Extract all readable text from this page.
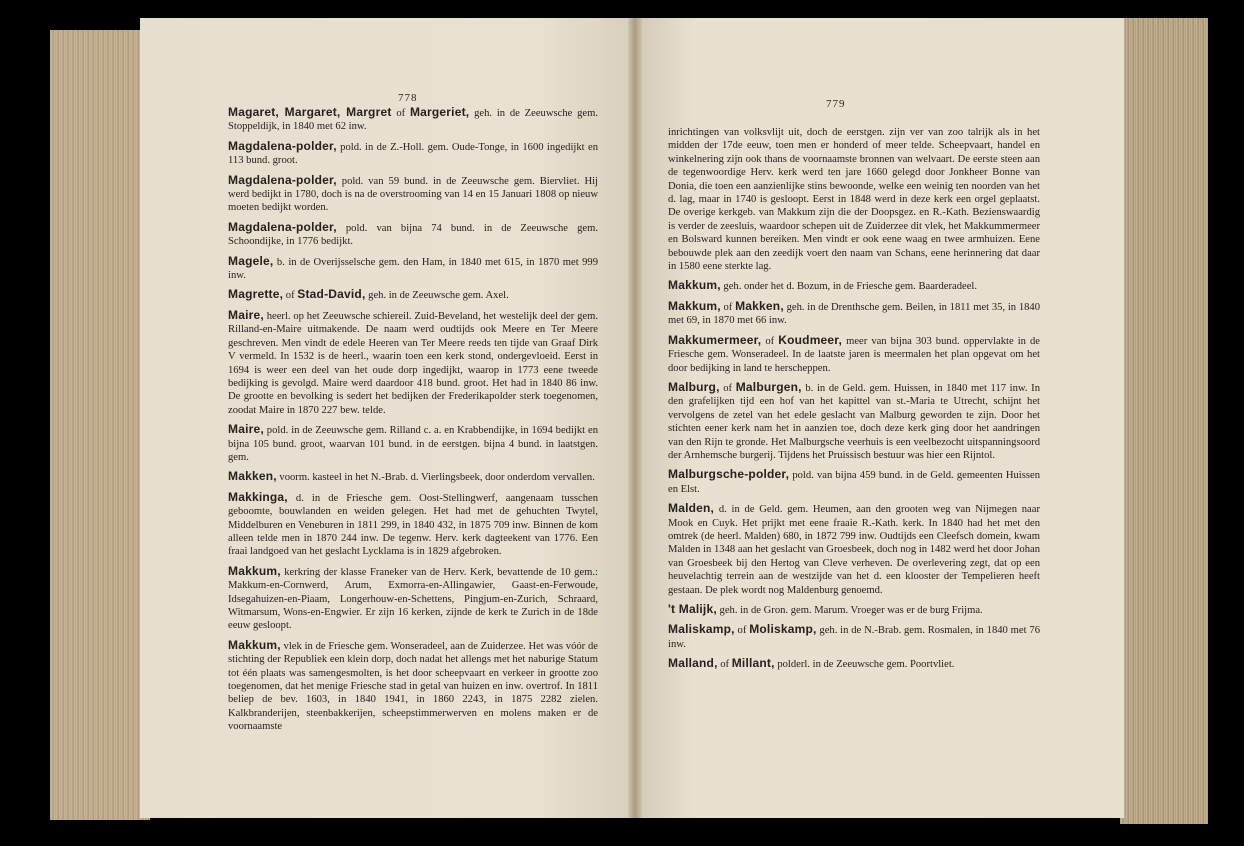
778

Magaret, Margaret, Margret of Margeriet, geh. in de Zeeuwsche gem. Stoppeldijk, in 1840 met 62 inw.

Magdalena-polder, pold. in de Z.-Holl. gem. Oude-Tonge, in 1600 ingedijkt en 113 bund. groot.

Magdalena-polder, pold. van 59 bund. in de Zeeuwsche gem. Biervliet. Hij werd bedijkt in 1780, doch is na de overstrooming van 14 en 15 Januari 1808 op nieuw moeten bedijkt worden.

Magdalena-polder, pold. van bijna 74 bund. in de Zeeuwsche gem. Schoondijke, in 1776 bedijkt.

Magele, b. in de Overijsselsche gem. den Ham, in 1840 met 615, in 1870 met 999 inw.

Magrette, of Stad-David, geh. in de Zeeuwsche gem. Axel.

Maire, heerl. op het Zeeuwsche schiereil. Zuid-Beveland, het westelijk deel der gem. Rilland-en-Maire uitmakende. De naam werd oudtijds ook Meere en Ter Meere geschreven. Men vindt de edele Heeren van Ter Meere reeds ten tijde van Graaf Dirk V vermeld. In 1532 is de heerl., waarin toen een kerk stond, ondergevloeid. Eerst in 1694 is weer een deel van het oude dorp ingedijkt, waarop in 1773 eene tweede bedijking is gevolgd. Maire werd daardoor 418 bund. groot. Het had in 1840 86 inw. De grootte en bevolking is sedert het bedijken der Frederikapolder sterk toegenomen, zoodat Maire in 1870 227 bew. telde.

Maire, pold. in de Zeeuwsche gem. Rilland c. a. en Krabbendijke, in 1694 bedijkt en bijna 105 bund. groot, waarvan 101 bund. in de eerstgen. bijna 4 bund. in laatstgen. gem.

Makken, voorm. kasteel in het N.-Brab. d. Vierlingsbeek, door onderdom vervallen.

Makkinga, d. in de Friesche gem. Oost-Stellingwerf, aangenaam tusschen geboomte, bouwlanden en weiden gelegen. Het had met de gehuchten Twytel, Middelburen en Veneburen in 1811 299, in 1840 432, in 1875 709 inw. Binnen de kom alleen telde men in 1870 244 inw. De tegenw. Herv. kerk dagteekent van 1776. Een fraai landgoed van het geslacht Lycklama is in 1829 afgebroken.

Makkum, kerkring der klasse Franeker van de Herv. Kerk, bevattende de 10 gem.: Makkum-en-Cornwerd, Arum, Exmorra-en-Allingawier, Gaast-en-Ferwoude, Idsegahuizen-en-Piaam, Longerhouw-en-Schettens, Pingjum-en-Zurich, Schraard, Witmarsum, Wons-en-Engwier. Er zijn 16 kerken, zijnde de kerk te Zurich in de 18de eeuw gesloopt.

Makkum, vlek in de Friesche gem. Wonseradeel, aan de Zuiderzee. Het was vóór de stichting der Republiek een klein dorp, doch nadat het allengs met het naburige Statum tot één plaats was samengesmolten, is het door scheepvaart en verkeer in grootte zoo toegenomen, dat het menige Friesche stad in getal van huizen en inw. overtrof. In 1811 beliep de bev. 1603, in 1840 1941, in 1860 2243, in 1875 2282 zielen. Kalkbranderijen, steenbakkerijen, scheepstimmerwerven en molens maken er de voornaamste

779

inrichtingen van volksvlijt uit, doch de eerstgen. zijn ver van zoo talrijk als in het midden der 17de eeuw, toen men er honderd of meer telde. Scheepvaart, handel en winkelnering zijn ook thans de voornaamste bronnen van welvaart. De eerste steen aan de tegenwoordige Herv. kerk werd ten jare 1660 gelegd door Jonkheer Bonne van Donia, die toen een aanzienlijke stins bewoonde, welke een weinig ten noorden van het d. lag, maar in 1740 is gesloopt. Eerst in 1848 werd in deze kerk een orgel geplaatst. De overige kerkgeb. van Makkum zijn die der Doopsgez. en R.-Kath. Bezienswaardig is verder de zeesluis, waardoor schepen uit de Zuiderzee dit vlek, het Makkummermeer en Bolsward kunnen bereiken. Men vindt er ook eene waag en twee armhuizen. Eene bebouwde plek aan den zeedijk voert den naam van Schans, eene herinnering dat daar in 1580 eene sterkte lag.

Makkum, geh. onder het d. Bozum, in de Friesche gem. Baarderadeel.

Makkum, of Makken, geh. in de Drenthsche gem. Beilen, in 1811 met 35, in 1840 met 69, in 1870 met 66 inw.

Makkumermeer, of Koudmeer, meer van bijna 303 bund. oppervlakte in de Friesche gem. Wonseradeel. In de laatste jaren is meermalen het plan opgevat om het door bedijking in land te herscheppen.

Malburg, of Malburgen, b. in de Geld. gem. Huissen, in 1840 met 117 inw. In den grafelijken tijd een hof van het kapittel van st.-Maria te Utrecht, schijnt het vervolgens de zetel van het edele geslacht van Malburg geworden te zijn. Door het stichten eener kerk nam het in aanzien toe, doch deze kerk ging door het aandringen van den Rijn te gronde. Het Malburgsche veerhuis is een veelbezocht uitspanningsoord der Arnhemsche burgerij. Tijdens het Pruissisch bestuur was hier een Rijntol.

Malburgsche-polder, pold. van bijna 459 bund. in de Geld. gemeenten Huissen en Elst.

Malden, d. in de Geld. gem. Heumen, aan den grooten weg van Nijmegen naar Mook en Cuyk. Het prijkt met eene fraaie R.-Kath. kerk. In 1840 had het met den omtrek (de heerl. Malden) 680, in 1872 799 inw. Oudtijds een Cleefsch domein, kwam Malden in 1348 aan het geslacht van Groesbeek, doch nog in 1482 werd het door Johan van Groesbeek bij den Hertog van Cleve verheven. De overlevering zegt, dat op een heuvelachtig terrein aan de westzijde van het d. een klooster der Tempelieren heeft gestaan. De plek wordt nog Maldenburg genoemd.

't Malijk, geh. in de Gron. gem. Marum. Vroeger was er de burg Frijma.

Maliskamp, of Moliskamp, geh. in de N.-Brab. gem. Rosmalen, in 1840 met 76 inw.

Malland, of Millant, polderl. in de Zeeuwsche gem. Poortvliet.
